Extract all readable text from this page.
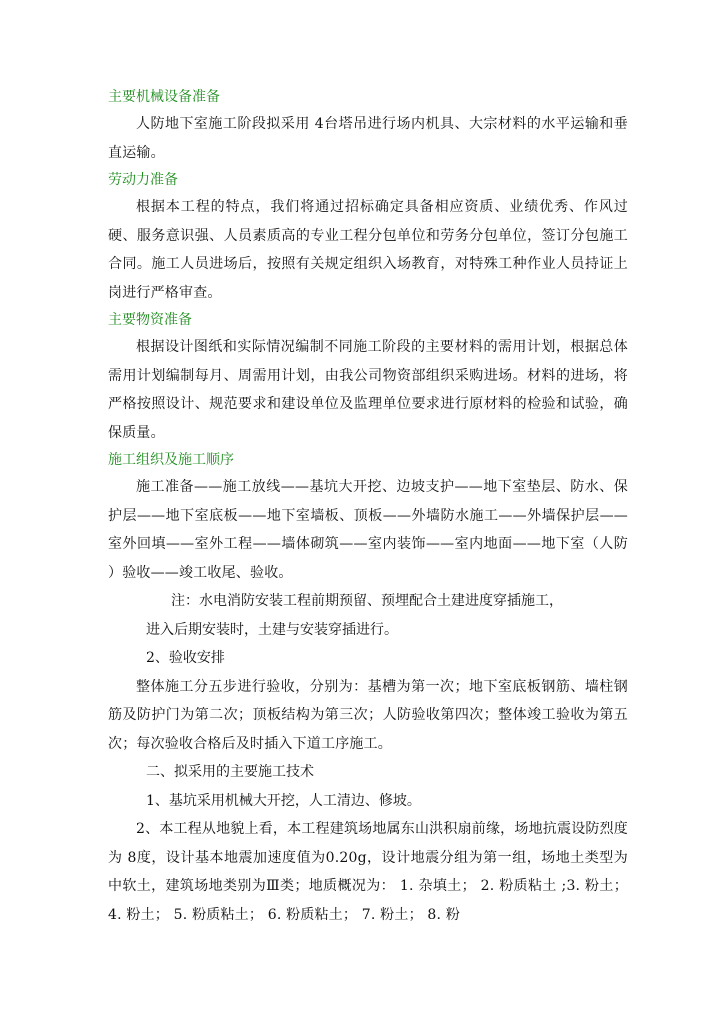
主要机械设备准备

人防地下室施工阶段拟采用 4台塔吊进行场内机具、大宗材料的水平运输和垂直运输。

劳动力准备

根据本工程的特点，我们将通过招标确定具备相应资质、业绩优秀、作风过硬、服务意识强、人员素质高的专业工程分包单位和劳务分包单位，签订分包施工合同。施工人员进场后，按照有关规定组织入场教育，对特殊工种作业人员持证上岗进行严格审查。

主要物资准备

根据设计图纸和实际情况编制不同施工阶段的主要材料的需用计划，根据总体需用计划编制每月、周需用计划，由我公司物资部组织采购进场。材料的进场，将严格按照设计、规范要求和建设单位及监理单位要求进行原材料的检验和试验，确保质量。

施工组织及施工顺序

施工准备——施工放线——基坑大开挖、边坡支护——地下室垫层、防水、保护层——地下室底板——地下室墙板、顶板——外墙防水施工——外墙保护层——室外回填——室外工程——墙体砌筑——室内装饰——室内地面——地下室（人防 ）验收——竣工收尾、验收。

注：水电消防安装工程前期预留、预埋配合土建进度穿插施工，

进入后期安装时，土建与安装穿插进行。

2、验收安排

整体施工分五步进行验收，分别为：基槽为第一次；地下室底板钢筋、墙柱钢筋及防护门为第二次；顶板结构为第三次；人防验收第四次；整体竣工验收为第五次；每次验收合格后及时插入下道工序施工。

二、拟采用的主要施工技术

1、基坑采用机械大开挖，人工清边、修坡。

2、本工程从地貌上看，本工程建筑场地属东山洪积扇前缘，场地抗震设防烈度为 8度，设计基本地震加速度值为0.20g，设计地震分组为第一组，场地土类型为中软土，建筑场地类别为Ⅲ类；地质概况为： 1. 杂填土； 2. 粉质粘土 ;3. 粉土； 4. 粉土； 5. 粉质粘土； 6. 粉质粘土； 7. 粉土； 8. 粉
